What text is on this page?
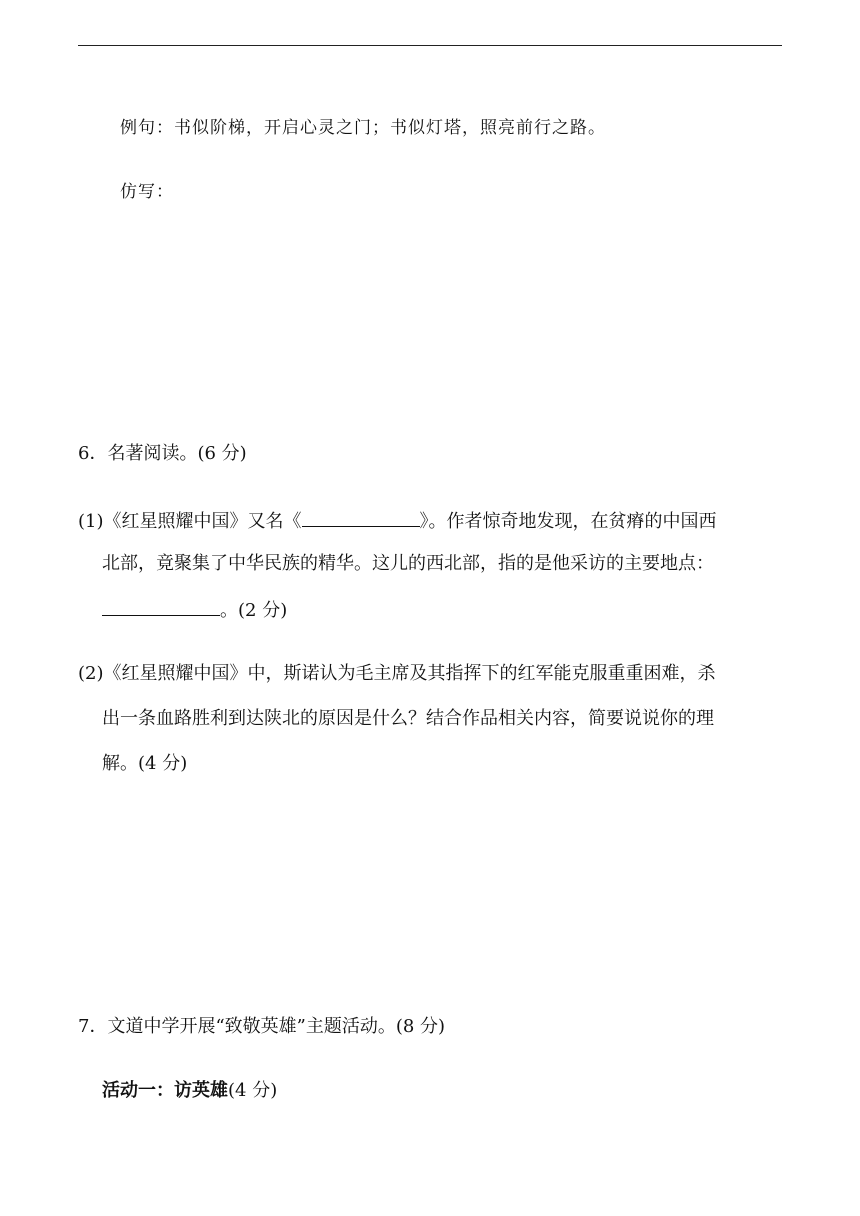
例句：书似阶梯，开启心灵之门；书似灯塔，照亮前行之路。
仿写：
6．名著阅读。(6 分)
(1)《红星照耀中国》又名《	》。作者惊奇地发现，在贫瘠的中国西
北部，竟聚集了中华民族的精华。这儿的西北部，指的是他采访的主要地点：
。(2 分)
(2)《红星照耀中国》中，斯诺认为毛主席及其指挥下的红军能克服重重困难，杀
出一条血路胜利到达陕北的原因是什么？结合作品相关内容，简要说说你的理
解。(4 分)
7．文道中学开展“致敬英雄”主题活动。(8 分)
活动一：访英雄(4 分)
